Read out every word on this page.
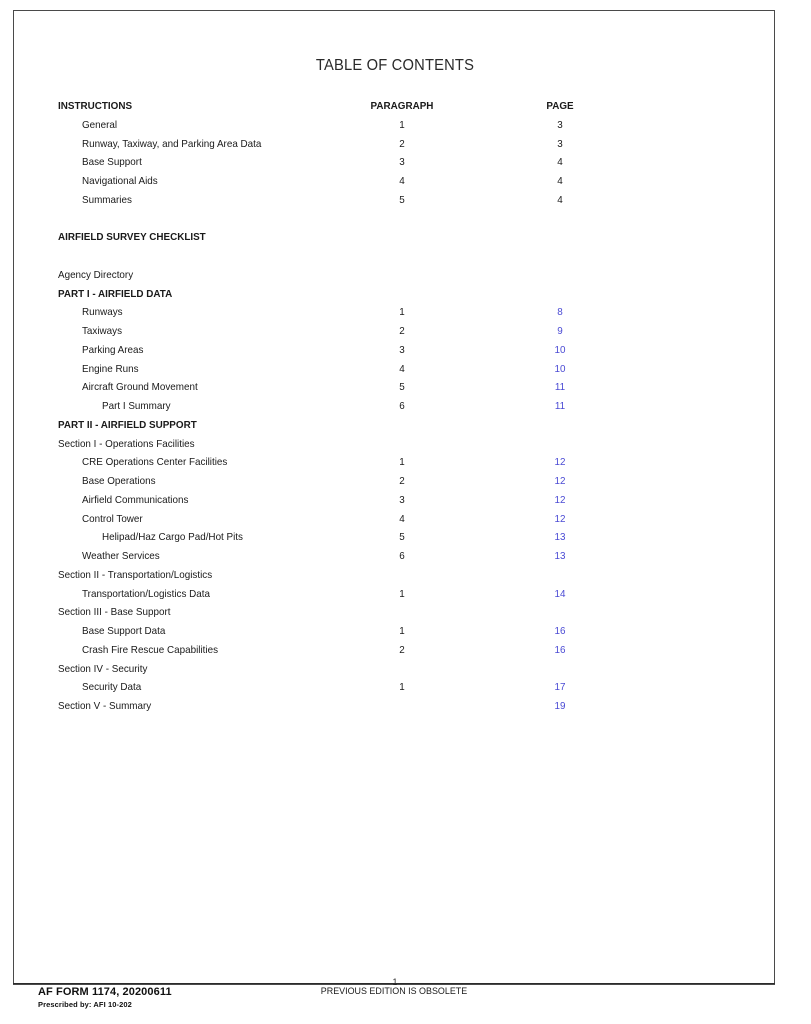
TABLE OF CONTENTS
INSTRUCTIONS	PARAGRAPH	PAGE
General	1	3
Runway, Taxiway, and Parking Area Data	2	3
Base Support	3	4
Navigational Aids	4	4
Summaries	5	4
AIRFIELD SURVEY CHECKLIST
Agency Directory
PART I - AIRFIELD DATA
Runways	1	8
Taxiways	2	9
Parking Areas	3	10
Engine Runs	4	10
Aircraft Ground Movement	5	11
Part I Summary	6	11
PART II - AIRFIELD SUPPORT
Section I - Operations Facilities
CRE Operations Center Facilities	1	12
Base Operations	2	12
Airfield Communications	3	12
Control Tower	4	12
Helipad/Haz Cargo Pad/Hot Pits	5	13
Weather Services	6	13
Section II - Transportation/Logistics
Transportation/Logistics Data	1	14
Section III - Base Support
Base Support Data	1	16
Crash Fire Rescue Capabilities	2	16
Section IV - Security
Security Data	1	17
Section V - Summary	19
1
AF FORM 1174, 20200611
Prescribed by: AFI 10-202
PREVIOUS EDITION IS OBSOLETE
